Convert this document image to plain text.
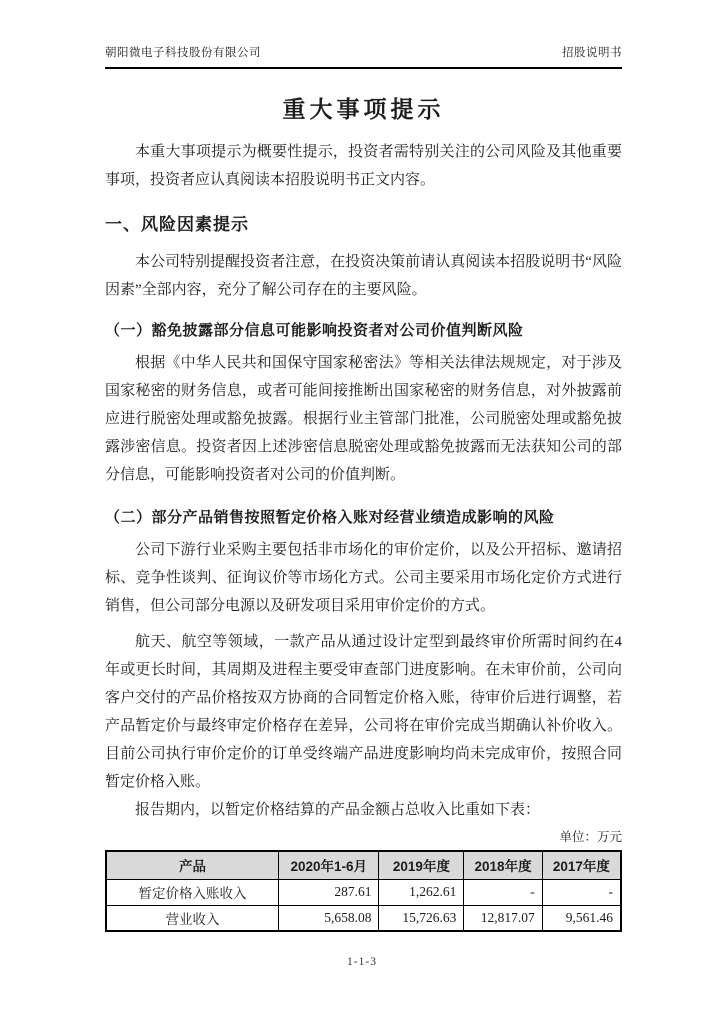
朝阳微电子科技股份有限公司	招股说明书
重大事项提示

本重大事项提示为概要性提示，投资者需特别关注的公司风险及其他重要事项，投资者应认真阅读本招股说明书正文内容。

一、风险因素提示

本公司特别提醒投资者注意，在投资决策前请认真阅读本招股说明书“风险因素”全部内容，充分了解公司存在的主要风险。

（一）豁免披露部分信息可能影响投资者对公司价值判断风险

根据《中华人民共和国保守国家秘密法》等相关法律法规规定，对于涉及国家秘密的财务信息，或者可能间接推断出国家秘密的财务信息，对外披露前应进行脱密处理或豁免披露。根据行业主管部门批准，公司脱密处理或豁免披露涉密信息。投资者因上述涉密信息脱密处理或豁免披露而无法获知公司的部分信息，可能影响投资者对公司的价值判断。

（二）部分产品销售按照暂定价格入账对经营业绩造成影响的风险

公司下游行业采购主要包括非市场化的审价定价，以及公开招标、邀请招标、竞争性谈判、征询议价等市场化方式。公司主要采用市场化定价方式进行销售，但公司部分电源以及研发项目采用审价定价的方式。

航天、航空等领域，一款产品从通过设计定型到最终审价所需时间约在4年或更长时间，其周期及进程主要受审查部门进度影响。在未审价前，公司向客户交付的产品价格按双方协商的合同暂定价格入账，待审价后进行调整，若产品暂定价与最终审定价格存在差异，公司将在审价完成当期确认补价收入。目前公司执行审价定价的订单受终端产品进度影响均尚未完成审价，按照合同暂定价格入账。

报告期内，以暂定价格结算的产品金额占总收入比重如下表：

单位：万元
产品	2020年1-6月	2019年度	2018年度	2017年度
暂定价格入账收入	287.61	1,262.61	-	-
营业收入	5,658.08	15,726.63	12,817.07	9,561.46
1-1-3
